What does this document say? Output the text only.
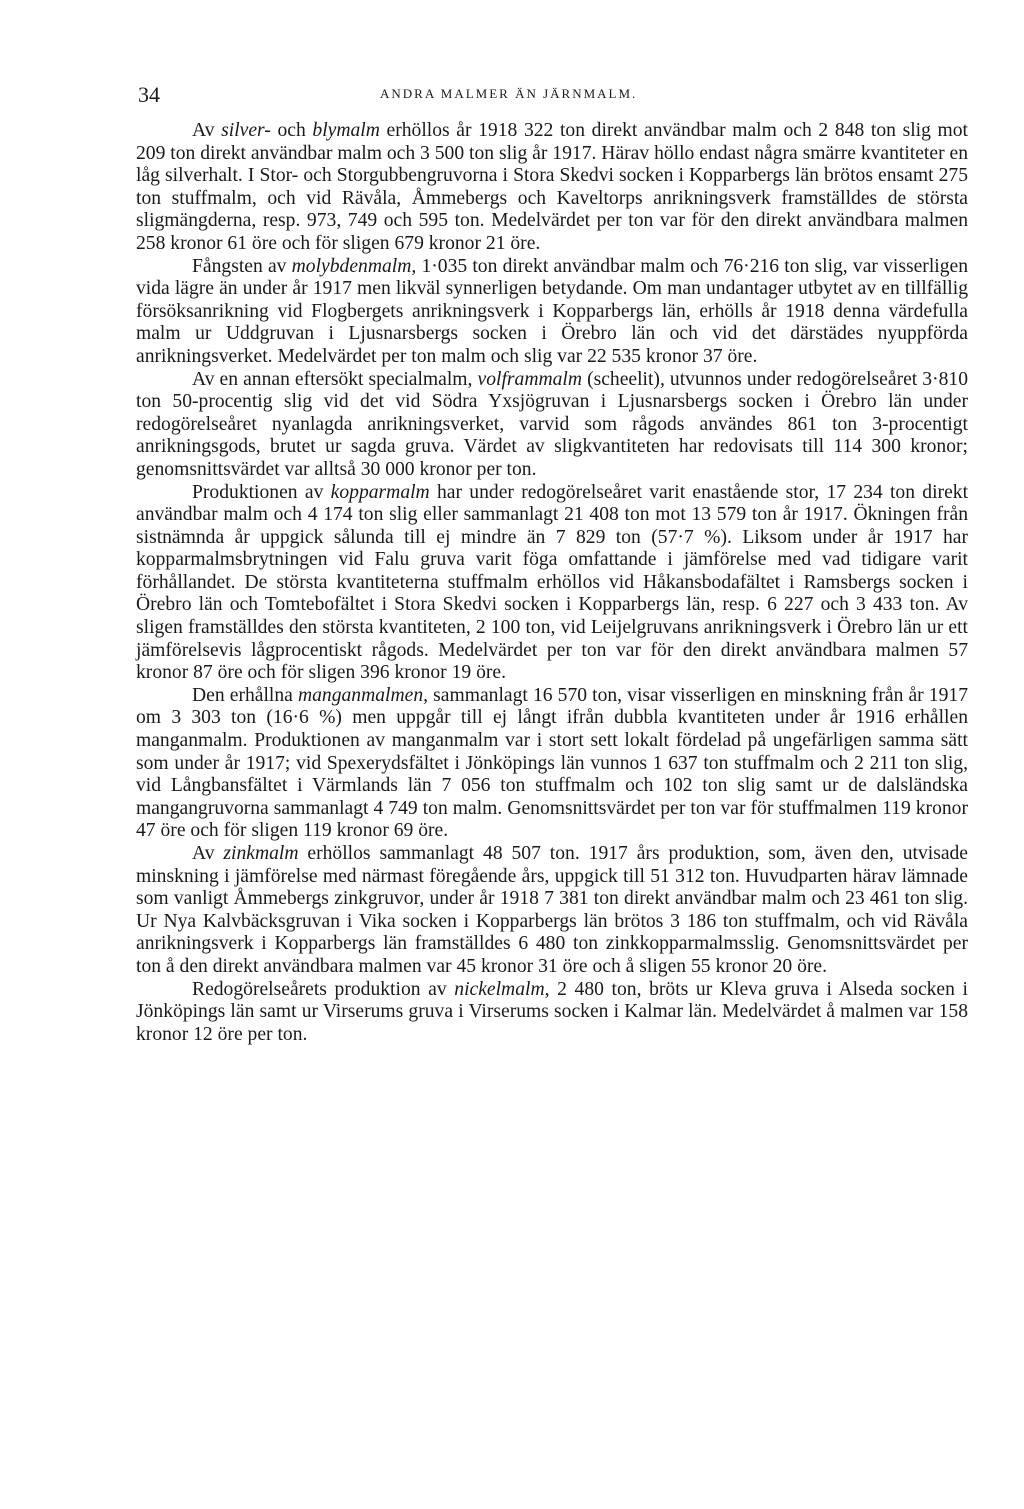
34	ANDRA MALMER ÄN JÄRNMALM.

Av silver- och blymalm erhöllos år 1918 322 ton direkt användbar malm och 2 848 ton slig mot 209 ton direkt användbar malm och 3 500 ton slig år 1917. Härav höllo endast några smärre kvantiteter en låg silverhalt. I Stor- och Storgubbengruvorna i Stora Skedvi socken i Kopparbergs län brötos ensamt 275 ton stuffmalm, och vid Rävåla, Åmmebergs och Kaveltorps anrikningsverk framställdes de största sligmängderna, resp. 973, 749 och 595 ton. Medelvärdet per ton var för den direkt användbara malmen 258 kronor 61 öre och för sligen 679 kronor 21 öre.

Fångsten av molybdenmalm, 1·035 ton direkt användbar malm och 76·216 ton slig, var visserligen vida lägre än under år 1917 men likväl synnerligen betydande. Om man undantager utbytet av en tillfällig försöksanrikning vid Flogbergets anrikningsverk i Kopparbergs län, erhölls år 1918 denna värdefulla malm ur Uddgruvan i Ljusnarsbergs socken i Örebro län och vid det därstädes nyuppförda anrikningsverket. Medelvärdet per ton malm och slig var 22 535 kronor 37 öre.

Av en annan eftersökt specialmalm, volframmalm (scheelit), utvunnos under redogörelseåret 3·810 ton 50-procentig slig vid det vid Södra Yxsjögruvan i Ljusnarsbergs socken i Örebro län under redogörelseåret nyanlagda anrikningsverket, varvid som rågods användes 861 ton 3-procentigt anrikningsgods, brutet ur sagda gruva. Värdet av sligkvantiteten har redovisats till 114 300 kronor; genomsnittsvärdet var alltså 30 000 kronor per ton.

Produktionen av kopparmalm har under redogörelseåret varit enastående stor, 17 234 ton direkt användbar malm och 4 174 ton slig eller sammanlagt 21 408 ton mot 13 579 ton år 1917. Ökningen från sistnämnda år uppgick sålunda till ej mindre än 7 829 ton (57·7 %). Liksom under år 1917 har kopparmalmsbrytningen vid Falu gruva varit föga omfattande i jämförelse med vad tidigare varit förhållandet. De största kvantiteterna stuffmalm erhöllos vid Håkansbodafältet i Ramsbergs socken i Örebro län och Tomtebofältet i Stora Skedvi socken i Kopparbergs län, resp. 6 227 och 3 433 ton. Av sligen framställdes den största kvantiteten, 2 100 ton, vid Leijelgruvans anrikningsverk i Örebro län ur ett jämförelsevis lågprocentiskt rågods. Medelvärdet per ton var för den direkt användbara malmen 57 kronor 87 öre och för sligen 396 kronor 19 öre.

Den erhållna manganmalmen, sammanlagt 16 570 ton, visar visserligen en minskning från år 1917 om 3 303 ton (16·6 %) men uppgår till ej långt ifrån dubbla kvantiteten under år 1916 erhållen manganmalm. Produktionen av manganmalm var i stort sett lokalt fördelad på ungefärligen samma sätt som under år 1917; vid Spexerydsfältet i Jönköpings län vunnos 1 637 ton stuffmalm och 2 211 ton slig, vid Långbansfältet i Värmlands län 7 056 ton stuffmalm och 102 ton slig samt ur de dalsländska mangangruvorna sammanlagt 4 749 ton malm. Genomsnittsvärdet per ton var för stuffmalmen 119 kronor 47 öre och för sligen 119 kronor 69 öre.

Av zinkmalm erhöllos sammanlagt 48 507 ton. 1917 års produktion, som, även den, utvisade minskning i jämförelse med närmast föregående års, uppgick till 51 312 ton. Huvudparten härav lämnade som vanligt Åmmebergs zinkgruvor, under år 1918 7 381 ton direkt användbar malm och 23 461 ton slig. Ur Nya Kalvbäcksgruvan i Vika socken i Kopparbergs län brötos 3 186 ton stuffmalm, och vid Rävåla anrikningsverk i Kopparbergs län framställdes 6 480 ton zinkkopparmalmsslig. Genomsnittsvärdet per ton å den direkt användbara malmen var 45 kronor 31 öre och å sligen 55 kronor 20 öre.

Redogörelseårets produktion av nickelmalm, 2 480 ton, bröts ur Kleva gruva i Alseda socken i Jönköpings län samt ur Virserums gruva i Virserums socken i Kalmar län. Medelvärdet å malmen var 158 kronor 12 öre per ton.
